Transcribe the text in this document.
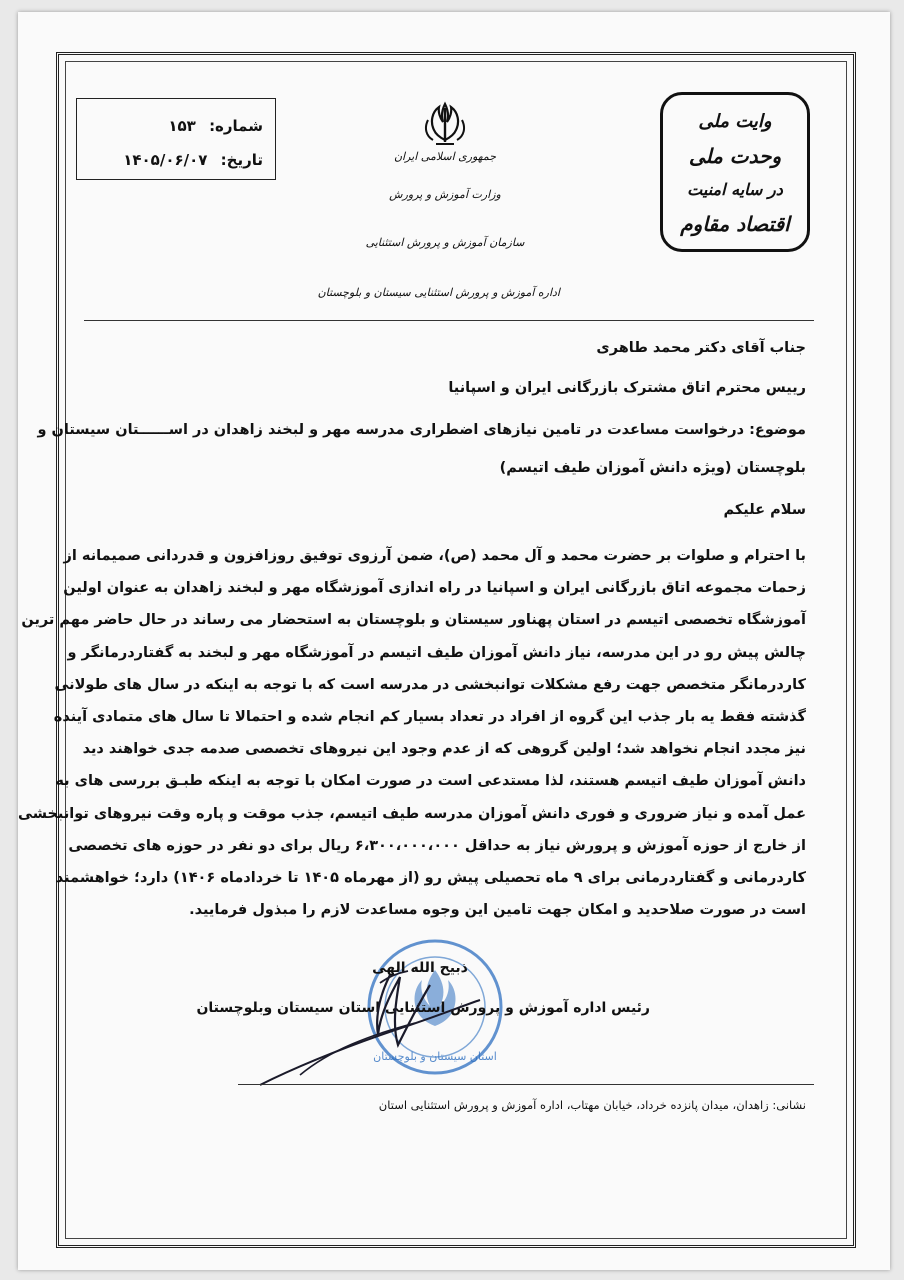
شماره: ۱۵۳
تاریخ: ۱۴۰۵/۰۶/۰۷	جمهوری اسلامی ایران
وزارت آموزش و پرورش
سازمان آموزش و پرورش استثنایی
اداره آموزش و پرورش استثنایی سیستان و بلوچستان
وایت ملی
وحدت ملی
در سایه امنیت
اقتصاد مقاوم
جناب آقای دکتر محمد طاهری
رییس محترم اتاق مشترک بازرگانی ایران و اسپانیا
موضوع: درخواست مساعدت در تامین نیازهای اضطراری مدرسه مهر و لبخند زاهدان در اســــــتان سیستان و
بلوچستان (ویژه دانش آموزان طیف اتیسم)
سلام علیکم
با احترام و صلوات بر حضرت محمد و آل محمد (ص)، ضمن آرزوی توفیق روزافزون و قدردانی صمیمانه از
زحمات مجموعه اتاق بازرگانی ایران و اسپانیا در راه اندازی آموزشگاه مهر و لبخند زاهدان به عنوان اولین
آموزشگاه تخصصی اتیسم در استان پهناور سیستان و بلوچستان به استحضار می رساند در حال حاضر مهم ترین
چالش پیش رو در این مدرسه، نیاز دانش آموزان طیف اتیسم در آموزشگاه مهر و لبخند به گفتاردرمانگر و
کاردرمانگر متخصص جهت رفع مشکلات توانبخشی در مدرسه است که با توجه به اینکه در سال های طولانی
گذشته فقط یه بار جذب این گروه از افراد در تعداد بسیار کم انجام شده و احتمالا تا سال های متمادی آینده
نیز مجدد انجام نخواهد شد؛ اولین گروهی که از عدم وجود این نیروهای تخصصی صدمه جدی خواهند دید
دانش آموزان طیف اتیسم هستند، لذا مستدعی است در صورت امکان با توجه به اینکه طبـق بررسی های به
عمل آمده و نیاز ضروری و فوری دانش آموزان مدرسه طیف اتیسم، جذب موقت و پاره وقت نیروهای توانبخشی
از خارج از حوزه آموزش و پرورش نیاز به حداقل ۶،۳۰۰،۰۰۰،۰۰۰ ریال برای دو نفر در حوزه های تخصصی
کاردرمانی و گفتاردرمانی برای ۹ ماه تحصیلی پیش رو (از مهرماه ۱۴۰۵ تا خردادماه ۱۴۰۶) دارد؛ خواهشمند
است در صورت صلاحدید و امکان جهت تامین این وجوه مساعدت لازم را مبذول فرمایید.
استان سیستان و بلوچستان
ذبیح الله الهی
رئیس اداره آموزش و پرورش استثنایی استان سیستان وبلوچستان
نشانی: زاهدان، میدان پانزده خرداد، خیابان مهتاب، اداره آموزش و پرورش استثنایی استان
